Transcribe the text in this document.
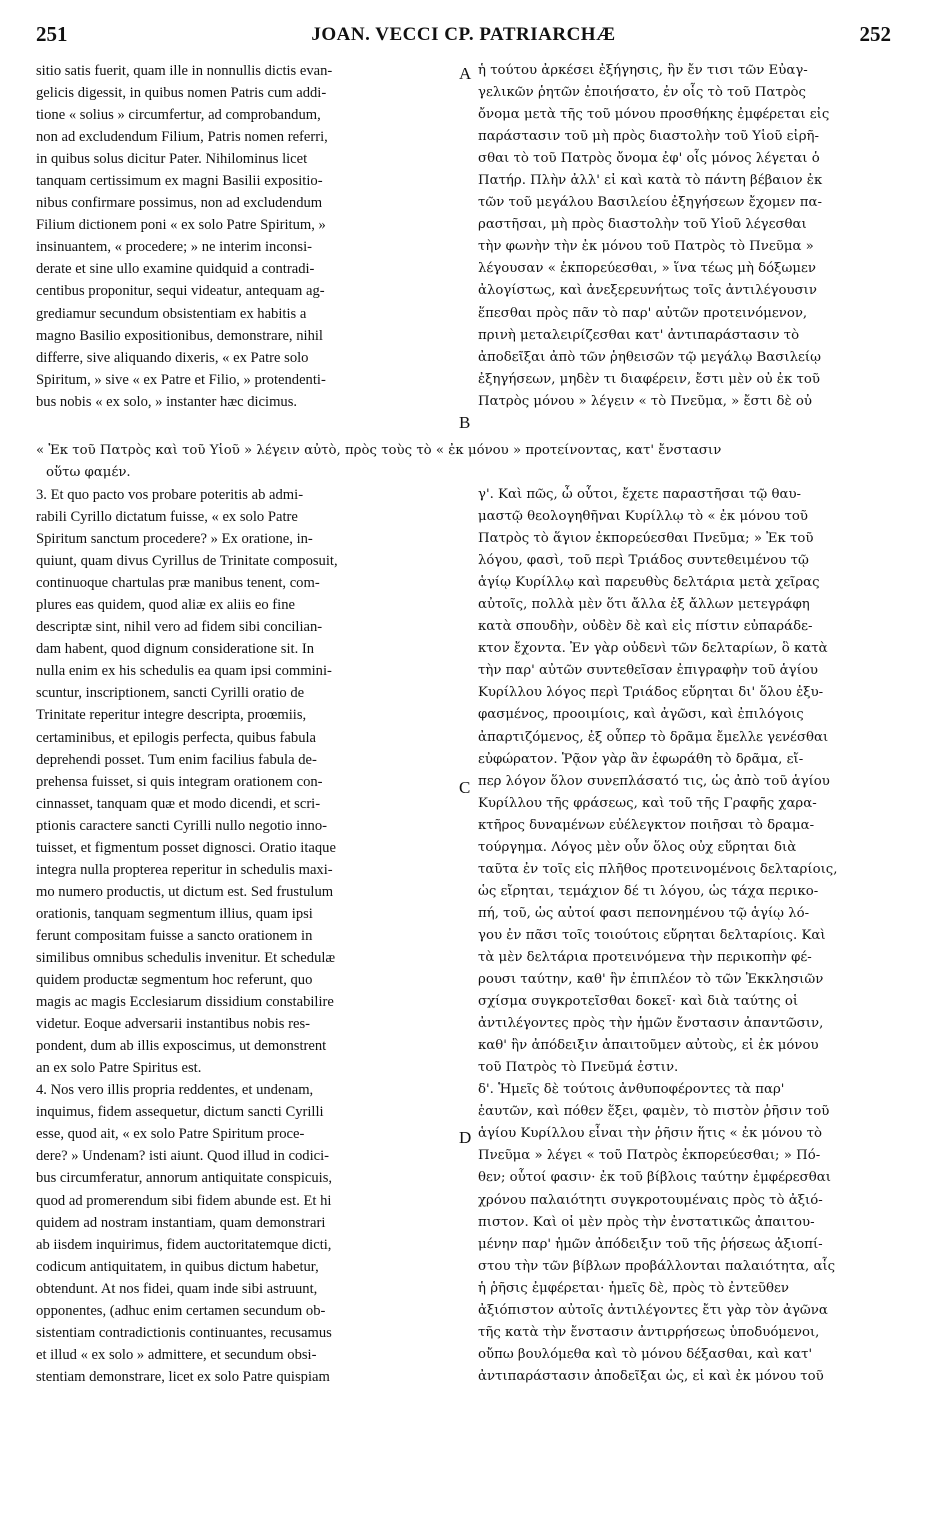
251	JOAN. VECCI CP. PATRIARCHÆ	252
sitio satis fuerit, quam ille in nonnullis dictis evan-
gelicis digessit, in quibus nomen Patris cum addi-
tione « solius » circumfertur, ad comprobandum,
non ad excludendum Filium, Patris nomen referri,
in quibus solus dicitur Pater. Nihilominus licet
tanquam certissimum ex magni Basilii expositio-
nibus confirmare possimus, non ad excludendum
Filium dictionem poni « ex solo Patre Spiritum, »
insinuantem, « procedere; » ne interim inconsi-
derate et sine ullo examine quidquid a contradi-
centibus proponitur, sequi videatur, antequam ag-
grediamur secundum obsistentiam ex habitis a
magno Basilio expositionibus, demonstrare, nihil
differre, sive aliquando dixeris, « ex Patre solo
Spiritum, » sive « ex Patre et Filio, » protendenti-
bus nobis « ex solo, » instanter hæc dicimus.
ἡ τούτου ἀρκέσει ἐξήγησις, ἣν ἔν τισι τῶν Εὐαγ-
γελικῶν ῥητῶν ἐποιήσατο, ἐν οἷς τὸ τοῦ Πατρὸς
ὄνομα μετὰ τῆς τοῦ μόνου προσθήκης ἐμφέρεται εἰς
παράστασιν τοῦ μὴ πρὸς διαστολὴν τοῦ Υἱοῦ εἰρῆ-
σθαι τὸ τοῦ Πατρὸς ὄνομα ἐφ' οἷς μόνος λέγεται ὁ
Πατήρ. Πλὴν ἀλλ' εἰ καὶ κατὰ τὸ πάντη βέβαιον ἐκ
τῶν τοῦ μεγάλου Βασιλείου ἐξηγήσεων ἔχομεν πα-
ραστῆσαι, μὴ πρὸς διαστολὴν τοῦ Υἱοῦ λέγεσθαι
τὴν φωνὴν τὴν ἐκ μόνου τοῦ Πατρὸς τὸ Πνεῦμα »
λέγουσαν « ἐκπορεύεσθαι, » ἵνα τέως μὴ δόξωμεν
ἀλογίστως, καὶ ἀνεξερευνήτως τοῖς ἀντιλέγουσιν
ἕπεσθαι πρὸς πᾶν τὸ παρ' αὐτῶν προτεινόμενον,
πρινὴ μεταλειρίζεσθαι κατ' ἀντιπαράστασιν τὸ
ἀποδεῖξαι ἀπὸ τῶν ῥηθεισῶν τῷ μεγάλῳ Βασιλείῳ
ἐξηγήσεων, μηδὲν τι διαφέρειν, ἔστι μὲν οὐ ἐκ τοῦ
Πατρὸς μόνου » λέγειν « τὸ Πνεῦμα, » ἔστι δὲ οὐ
« Ἐκ τοῦ Πατρὸς καὶ τοῦ Υἱοῦ » λέγειν αὐτὸ, πρὸς τοὺς τὸ « ἐκ μόνου » προτείνοντας, κατ' ἔνστασιν
οὕτω φαμέν.
3. Et quo pacto vos probare poteritis ab admi-
rabili Cyrillo dictatum fuisse, « ex solo Patre
Spiritum sanctum procedere? » Ex oratione, in-
quiunt, quam divus Cyrillus de Trinitate composuit,
continuoque chartulas præ manibus tenent, com-
plures eas quidem, quod aliæ ex aliis eo fine
descriptæ sint, nihil vero ad fidem sibi concilian-
dam habent, quod dignum consideratione sit. In
nulla enim ex his schedulis ea quam ipsi commini-
scuntur, inscriptionem, sancti Cyrilli oratio de
Trinitate reperitur integre descripta, proœmiis,
certaminibus, et epilogis perfecta, quibus fabula
deprehendi posset. Tum enim facilius fabula de-
prehensa fuisset, si quis integram orationem con-
cinnasset, tanquam quæ et modo dicendi, et scri-
ptionis caractere sancti Cyrilli nullo negotio inno-
tuisset, et figmentum posset dignosci. Oratio itaque
integra nulla propterea reperitur in schedulis maxi-
mo numero productis, ut dictum est. Sed frustulum
orationis, tanquam segmentum illius, quam ipsi
ferunt compositam fuisse a sancto orationem in
similibus omnibus schedulis invenitur. Et schedulæ
quidem productæ segmentum hoc referunt, quo
magis ac magis Ecclesiarum dissidium constabilire
videtur. Eoque adversarii instantibus nobis res-
pondent, dum ab illis exposcimus, ut demonstrent
an ex solo Patre Spiritus est.
4. Nos vero illis propria reddentes, et undenam,
inquimus, fidem assequetur, dictum sancti Cyrilli
esse, quod ait, « ex solo Patre Spiritum proce-
dere? » Undenam? isti aiunt. Quod illud in codici-
bus circumferatur, annorum antiquitate conspicuis,
quod ad promerendum sibi fidem abunde est. Et hi
quidem ad nostram instantiam, quam demonstrari
ab iisdem inquirimus, fidem auctoritatemque dicti,
codicum antiquitatem, in quibus dictum habetur,
obtendunt. At nos fidei, quam inde sibi astruunt,
opponentes, (adhuc enim certamen secundum ob-
sistentiam contradictionis continuantes, recusamus
et illud « ex solo » admittere, et secundum obsi-
stentiam demonstrare, licet ex solo Patre quispiam
γ'. Καὶ πῶς, ὦ οὗτοι, ἔχετε παραστῆσαι τῷ θαυ-
μαστῷ θεολογηθῆναι Κυρίλλῳ τὸ « ἐκ μόνου τοῦ
Πατρὸς τὸ ἅγιον ἐκπορεύεσθαι Πνεῦμα; » Ἐκ τοῦ
λόγου, φασὶ, τοῦ περὶ Τριάδος συντεθειμένου τῷ
ἁγίῳ Κυρίλλῳ καὶ παρευθὺς δελτάρια μετὰ χεῖρας
αὐτοῖς, πολλὰ μὲν ὅτι ἄλλα ἐξ ἄλλων μετεγράφη
κατὰ σπουδὴν, οὐδὲν δὲ καὶ εἰς πίστιν εὐπαράδε-
κτον ἔχοντα. Ἐν γὰρ οὐδενὶ τῶν δελταρίων, ὃ κατὰ
τὴν παρ' αὐτῶν συντεθεῖσαν ἐπιγραφὴν τοῦ ἁγίου
Κυρίλλου λόγος περὶ Τριάδος εὕρηται δι' ὅλου ἐξυ-
φασμένος, προοιμίοις, καὶ ἀγῶσι, καὶ ἐπιλόγοις
ἀπαρτιζόμενος, ἐξ οὗπερ τὸ δρᾶμα ἔμελλε γενέσθαι
εὐφώρατον. Ῥᾷον γὰρ ἂν ἐφωράθη τὸ δρᾶμα, εἴ-
περ λόγον ὅλον συνεπλάσατό τις, ὡς ἀπὸ τοῦ ἁγίου
Κυρίλλου τῆς φράσεως, καὶ τοῦ τῆς Γραφῆς χαρα-
κτῆρος δυναμένων εὐέλεγκτον ποιῆσαι τὸ δραμα-
τούργημα. Λόγος μὲν οὖν ὅλος οὐχ εὕρηται διὰ
ταῦτα ἐν τοῖς εἰς πλῆθος προτεινομένοις δελταρίοις,
ὡς εἴρηται, τεμάχιον δέ τι λόγου, ὡς τάχα περικο-
πή, τοῦ, ὡς αὐτοί φασι πεπονημένου τῷ ἁγίῳ λό-
γου ἐν πᾶσι τοῖς τοιούτοις εὕρηται δελταρίοις. Καὶ
τὰ μὲν δελτάρια προτεινόμενα τὴν περικοπὴν φέ-
ρουσι ταύτην, καθ' ἣν ἐπιπλέον τὸ τῶν Ἐκκλησιῶν
σχίσμα συγκροτεῖσθαι δοκεῖ· καὶ διὰ ταύτης οἱ
ἀντιλέγοντες πρὸς τὴν ἡμῶν ἔνστασιν ἀπαντῶσιν,
καθ' ἣν ἀπόδειξιν ἀπαιτοῦμεν αὐτοὺς, εἰ ἐκ μόνου
τοῦ Πατρὸς τὸ Πνεῦμά ἐστιν.
δ'. Ἡμεῖς δὲ τούτοις ἀνθυποφέροντες τὰ παρ'
ἑαυτῶν, καὶ πόθεν ἕξει, φαμὲν, τὸ πιστὸν ῥῆσιν τοῦ
ἁγίου Κυρίλλου εἶναι τὴν ῥῆσιν ἥτις « ἐκ μόνου τὸ
Πνεῦμα » λέγει « τοῦ Πατρὸς ἐκπορεύεσθαι; » Πό-
θεν; οὗτοί φασιν· ἐκ τοῦ βίβλοις ταύτην ἐμφέρεσθαι
χρόνου παλαιότητι συγκροτουμέναις πρὸς τὸ ἀξιό-
πιστον. Καὶ οἱ μὲν πρὸς τὴν ἐνστατικῶς ἀπαιτου-
μένην παρ' ἡμῶν ἀπόδειξιν τοῦ τῆς ῥήσεως ἀξιοπί-
στου τὴν τῶν βίβλων προβάλλονται παλαιότητα, αἷς
ἡ ῥῆσις ἐμφέρεται· ἡμεῖς δὲ, πρὸς τὸ ἐντεῦθεν
ἀξιόπιστον αὐτοῖς ἀντιλέγοντες ἔτι γὰρ τὸν ἀγῶνα
τῆς κατὰ τὴν ἔνστασιν ἀντιρρήσεως ὑποδυόμενοι,
οὔπω βουλόμεθα καὶ τὸ μόνου δέξασθαι, καὶ κατ'
ἀντιπαράστασιν ἀποδεῖξαι ὡς, εἰ καὶ ἐκ μόνου τοῦ
A
B
C
D
